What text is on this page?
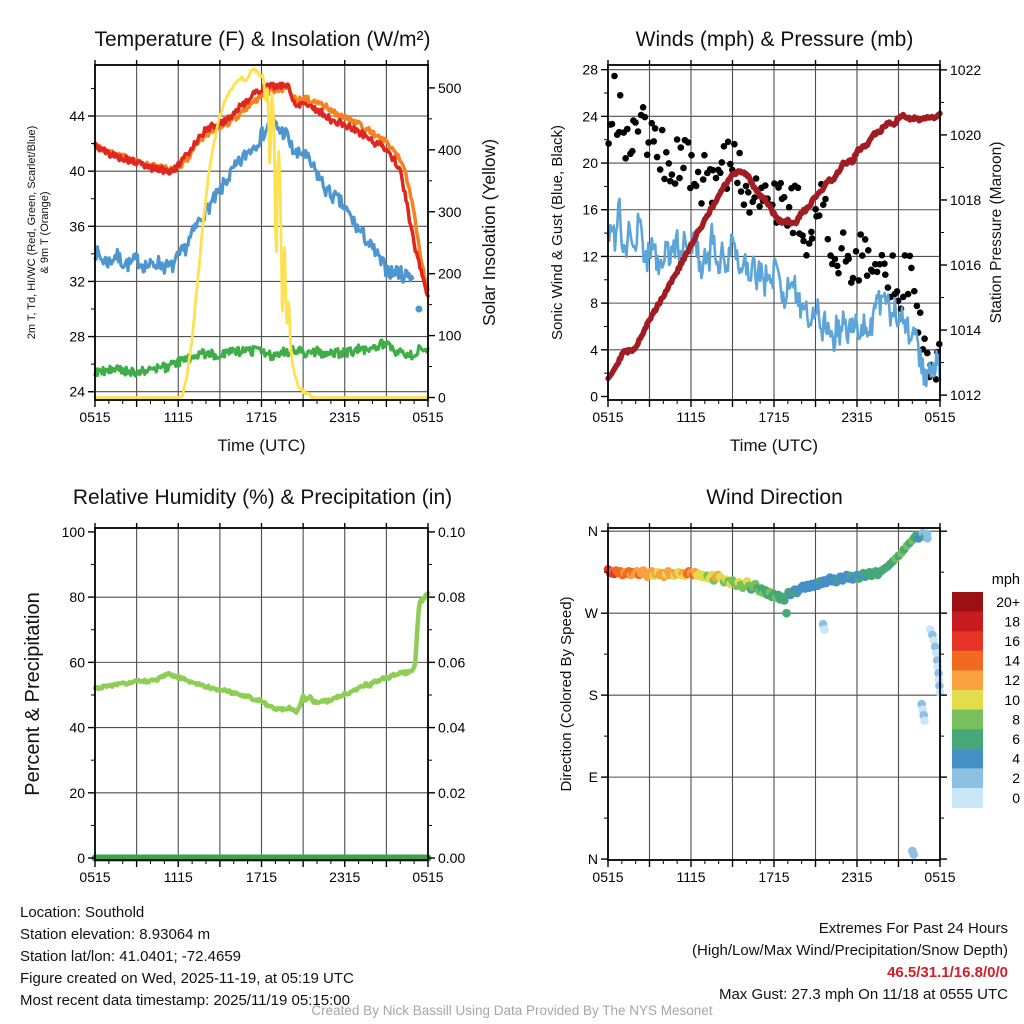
0515	1115	1715	2315	0515
24
28
32
36
40
44
0
100
200
300
400
500
0515	1115	1715	2315	0515
0
4
8
12
16
20
24
28
1012
1014
1016
1018
1020
1022
0515	1115	1715	2315	0515
0
20
40
60
80
100
0.00
0.02
0.04
0.06
0.08
0.10
0515	1115	1715	2315	0515
N
W
S
E
N
mph
20+
18
16
14
12
10
8
6
4
2
0
Temperature (F) & Insolation (W/m²)	Winds (mph) & Pressure (mb)
Relative Humidity (%) & Precipitation (in)	Wind Direction
2m T, Td, HI/WC (Red, Green, Scarlet/Blue) & 9m T (Orange)	Solar Insolation (Yellow)	Sonic Wind & Gust (Blue, Black)	Station Pressure (Maroon)
Percent & Precipitation	Direction (Colored By Speed)
Time (UTC)	Time (UTC)
Location: Southold
Station elevation: 8.93064 m
Station lat/lon: 41.0401; -72.4659
Figure created on Wed, 2025-11-19, at 05:19 UTC
Most recent data timestamp: 2025/11/19 05:15:00
Extremes For Past 24 Hours
(High/Low/Max Wind/Precipitation/Snow Depth)
46.5/31.1/16.8/0/0
Max Gust: 27.3 mph On 11/18 at 0555 UTC
Created By Nick Bassill Using Data Provided By The NYS Mesonet
